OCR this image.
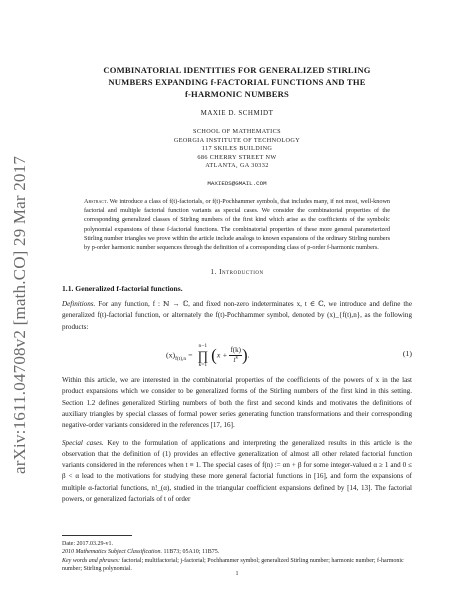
arXiv:1611.04708v2 [math.CO] 29 Mar 2017
COMBINATORIAL IDENTITIES FOR GENERALIZED STIRLING
NUMBERS EXPANDING f-FACTORIAL FUNCTIONS AND THE
f-HARMONIC NUMBERS
MAXIE D. SCHMIDT
SCHOOL OF MATHEMATICS
GEORGIA INSTITUTE OF TECHNOLOGY
117 SKILES BUILDING
686 CHERRY STREET NW
ATLANTA, GA 30332
MAXIEDS@GMAIL.COM
Abstract. We introduce a class of f(t)-factorials, or f(t)-Pochhammer symbols, that includes many, if not most, well-known factorial and multiple factorial function variants as special cases. We consider the combinatorial properties of the corresponding generalized classes of Stirling numbers of the first kind which arise as the coefficients of the symbolic polynomial expansions of these f-factorial functions. The combinatorial properties of these more general parameterized Stirling number triangles we prove within the article include analogs to known expansions of the ordinary Stirling numbers by p-order harmonic number sequences through the definition of a corresponding class of p-order f-harmonic numbers.
1. Introduction
1.1. Generalized f-factorial functions.
Definitions. For any function, f : ℕ → ℂ, and fixed non-zero indeterminates x, t ∈ ℂ, we introduce and define the generalized f(t)-factorial function, or alternately the f(t)-Pochhammer symbol, denoted by (x)_{f(t),n}, as the following products:
$(x)_{f(t),n}$ =
n−1
∏
k=1
($x + \frac{f(k)}{t^k}$ ).	(1)
Within this article, we are interested in the combinatorial properties of the coefficients of the powers of x in the last product expansions which we consider to be generalized forms of the Stirling numbers of the first kind in this setting. Section 1.2 defines generalized Stirling numbers of both the first and second kinds and motivates the definitions of auxiliary triangles by special classes of formal power series generating function transformations and their corresponding negative-order variants considered in the references [17, 16].
Special cases. Key to the formulation of applications and interpreting the generalized results in this article is the observation that the definition of (1) provides an effective generalization of almost all other related factorial function variants considered in the references when t ≡ 1. The special cases of f(n) := αn + β for some integer-valued α ≥ 1 and 0 ≤ β < α lead to the motivations for studying these more general factorial functions in [16], and form the expansions of multiple α-factorial functions, n!_(α), studied in the triangular coefficient expansions defined by [14, 13]. The factorial powers, or generalized factorials of t of order
Date: 2017.03.29-v1.
2010 Mathematics Subject Classification. 11B73; 05A10; 11B75.
Key words and phrases: factorial; multifactorial; j-factorial; Pochhammer symbol; generalized Stirling number; harmonic number; f-harmonic number; Stirling polynomial.
1
